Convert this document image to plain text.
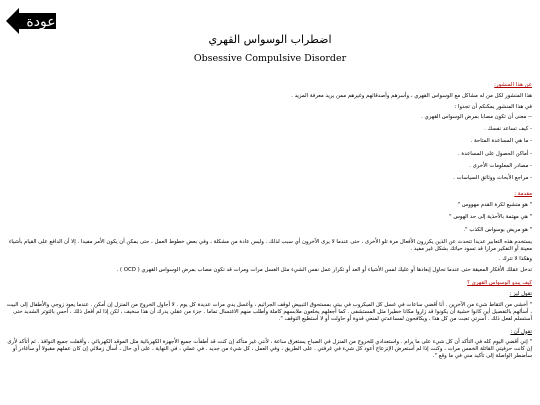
عودة
اضطراب الوسواس القهري
Obsessive Compulsive Disorder

عن هذا المنشور:

هذا المنشور لكل من له مشاكل مع الوسواس القهري ، وأسرهم وأصدقائهم وغيرهم ممن يريد معرفة المزيد .

في هذا المنشور يمكنكم أن تجدوا :

-- معنى أن تكون مصابا بمرض الوسواس القهري .

- كيف تساعد نفسك .

- ما هي المساعدة المتاحة .

- أماكن الحصول على المساعدة .

- مصادر المعلومات الأخرى .

- مراجع الأبحاث ووثائق السياسات .

مقدمة :

" هو متشبع لكرة القدم مهووس "

" هي مهتمة بالأحذية إلى حد الهوس "

" هو مريض بوسواس الكذب ".

يستخدم هذه التعابير عديدا تتحدث عن الذين يكررون الأفعال مرة تلو الأخرى ، حتى عندما لا يرى الآخرون أي سبب لذلك . وليس عادة من مشكلة ، وفي بعض خطوط العمل ، حتى يمكن أن يكون الأمر مفيدا . إلا أن الدافع على القيام بأشياء معينة أو التفكير مرارا قد تسود حياتك بشكل غير مفيد .

وهكذا لا تترك .

تدخل عقلك الأفكار المعيقة حتى عندما تحاول إبعادها أو عليك لمس الأشياء أو العد أو تكرار عمل نفس الشيء مثل الغسل مرات ومرات قد تكون مصاب بمرض الوسواس القهري ( OCD ) .

كيف يبدو الوسواس القهري ؟

تقول ليز :

" أخشى من التقاط شيء من الآخرين . أنا أقضي ساعات في غسل كل الميكروب في بيتي بمستحوق التبييض لوقف الجراثيم ، وأغسل يدي مرات عديدة كل يوم . لا أحاول الخروج من المنزل إن أمكن . عندما يعود زوجي والأطفال إلى البيت ، أسألهم بالتفصيل أين كانوا خشية أن يكونوا قد زاروا مكانا خطيرا مثل المستشفى . كما أجعلهم يخلعون ملابسهم كاملة وأطلب منهم الاغتسال تماما . جزء من عقلي يدرك أن هذا سخيف ، لكن إذا لم أفعل ذلك ، أحس بالتوتر الشديد حتى أستسلم لفعل ذلك . أسرتي تعبت من كل هذا ، ويكافحون لمساعدتي لمنعي قدوة أو حاولت أو لا أستطيع التوقف ".

تقول آن :

" إني أقضي اليوم كله في التأكد أن كل شيء على ما يرام . واستعدادي للخروج من المنزل في الصباح يستغرق ساعة ، لأنني غير متأكد إن كنت قد أطفأت جميع الأجهزة الكهربائية مثل الموقد الكهربائي ، وأقفلت جميع النوافذ . ثم أتأكد لأرى إن كانت حرفيتي القاتلة الخمس مرات ، وكنت إذا لم أستعرض الإنزعاج أعود كل شيء في غرفتي . على الطريق ، وفي العمل ، كل شيء من جديد . في عملي ، في النهاية ، على أي حال ، أسأل زملائي إن كان عملهم مقبولا أو سأغادر أو سأضطر الواصلة إلى تأكيد مني في ما وقع ".
